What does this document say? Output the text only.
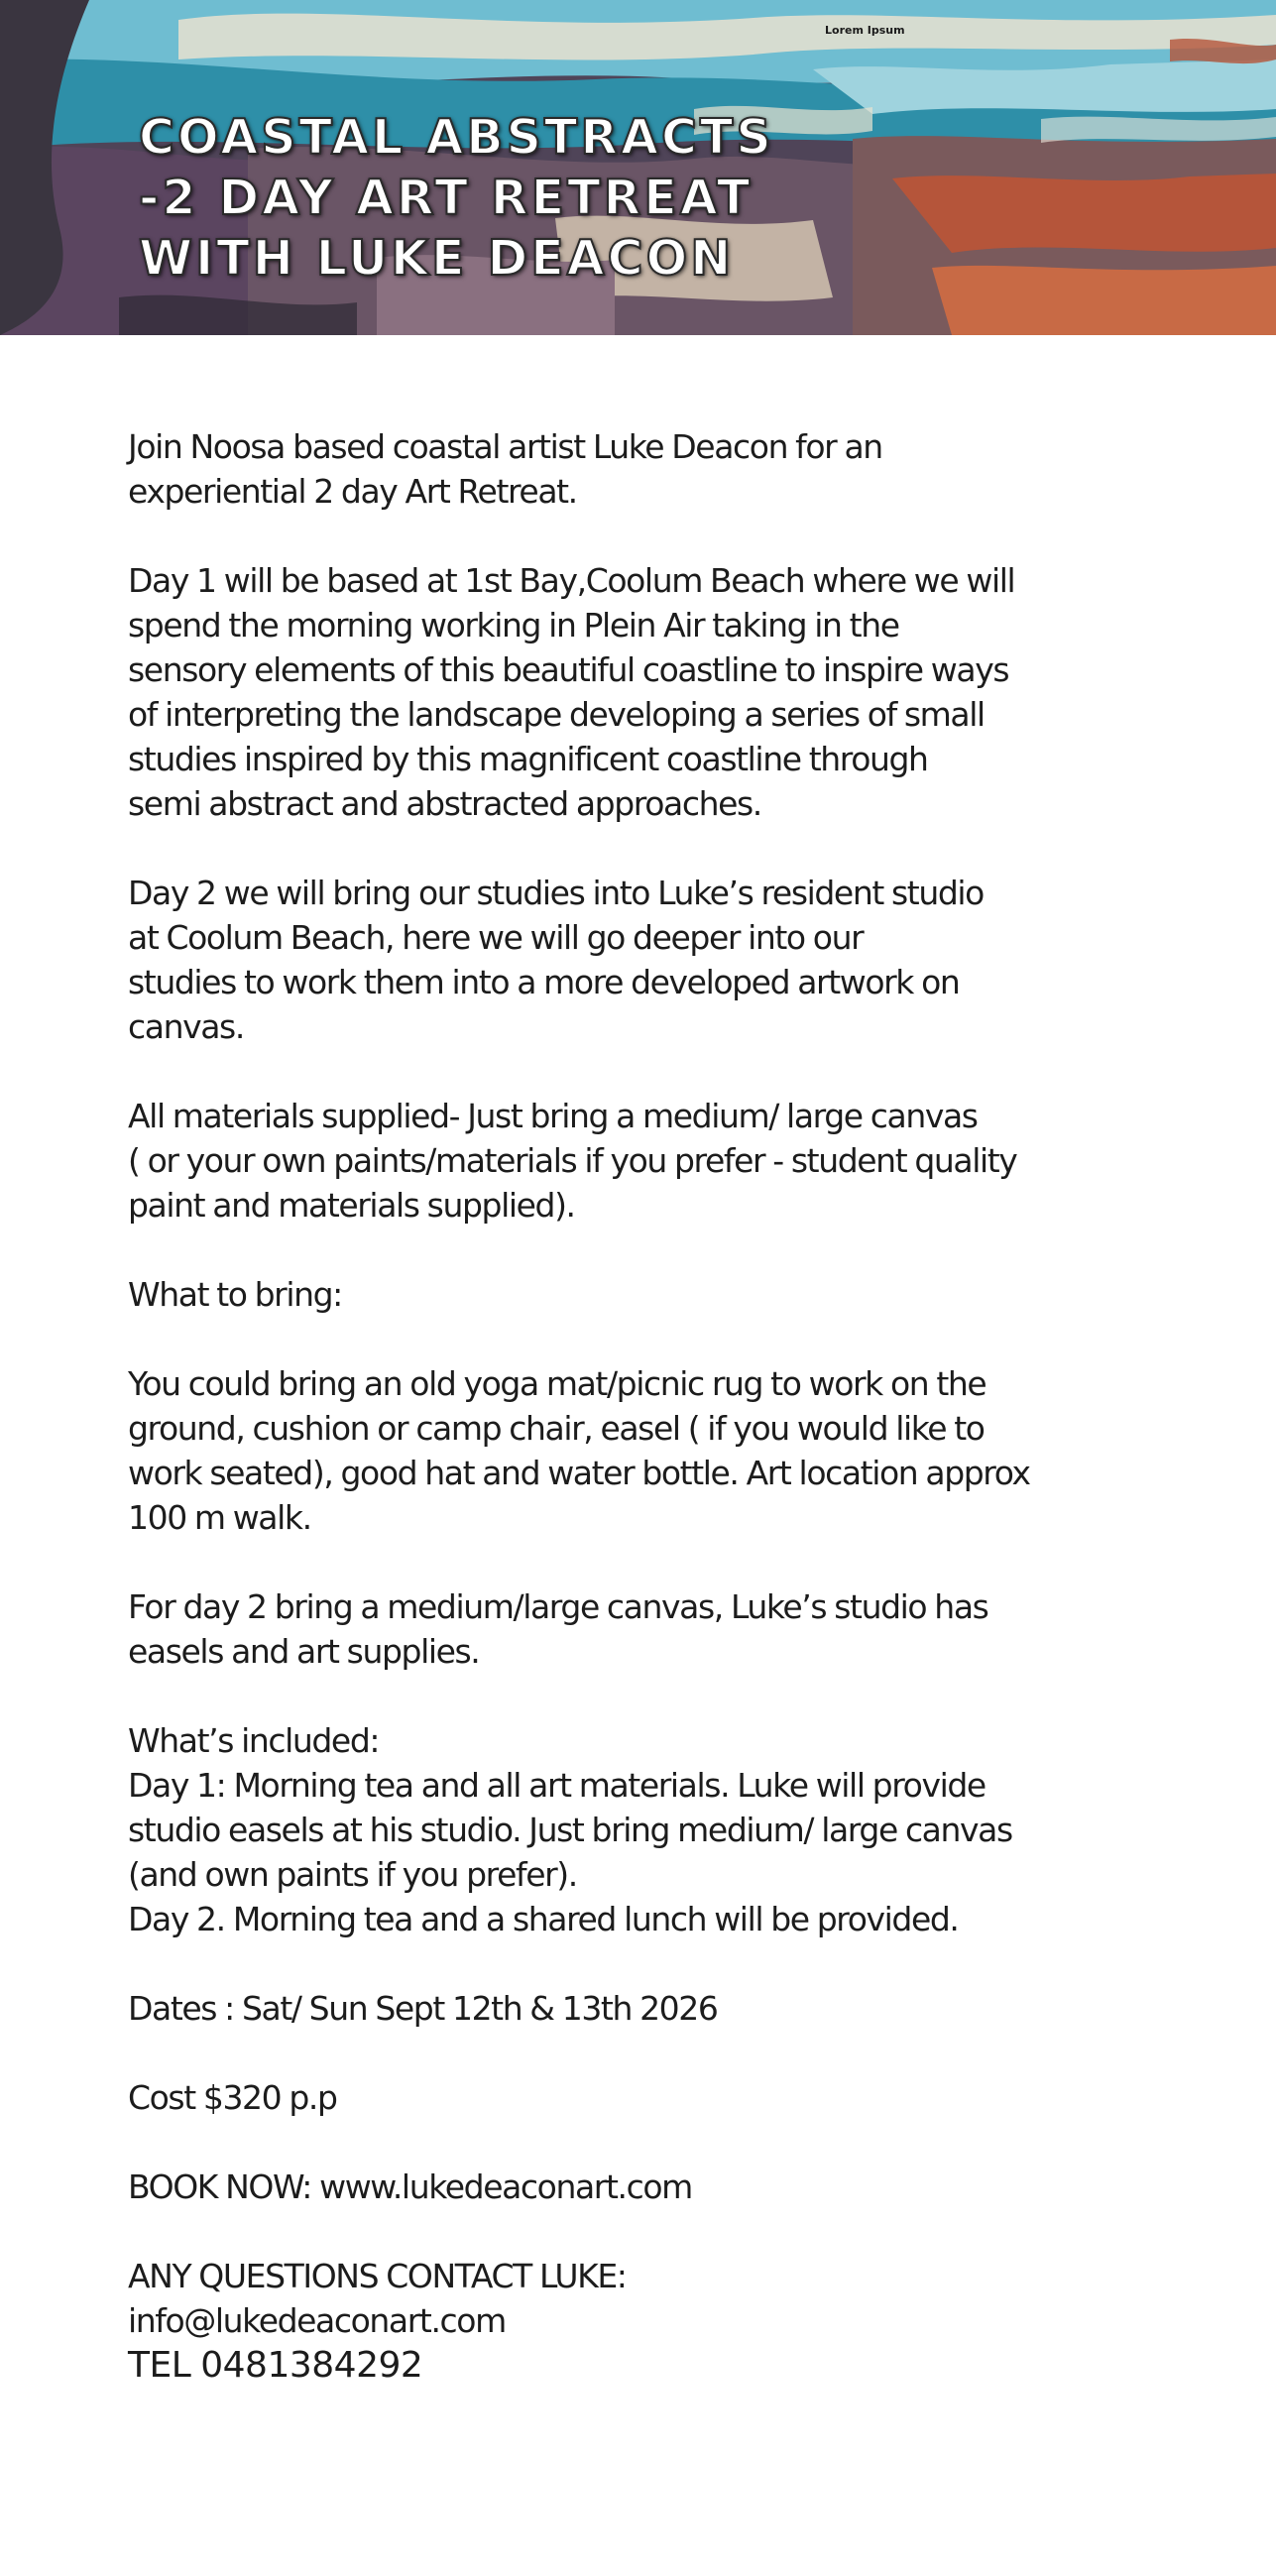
Lorem Ipsum
COASTAL ABSTRACTS
-2 DAY ART RETREAT
WITH LUKE DEACON

Join Noosa based coastal artist Luke Deacon for an
experiential 2 day Art Retreat.

Day 1 will be based at 1st Bay,Coolum Beach where we will
spend the morning working in Plein Air taking in the
sensory elements of this beautiful coastline to inspire ways
of interpreting the landscape developing a series of small
studies inspired by this magnificent coastline through
semi abstract and abstracted approaches.

Day 2 we will bring our studies into Luke’s resident studio
at Coolum Beach, here we will go deeper into our
studies to work them into a more developed artwork on
canvas.

All materials supplied- Just bring a medium/ large canvas
( or your own paints/materials if you prefer - student quality
paint and materials supplied).

What to bring:

You could bring an old yoga mat/picnic rug to work on the
ground, cushion or camp chair, easel ( if you would like to
work seated), good hat and water bottle. Art location approx
100 m walk.

For day 2 bring a medium/large canvas, Luke’s studio has
easels and art supplies.

What’s included:

Day 1: Morning tea and all art materials. Luke will provide
studio easels at his studio. Just bring medium/ large canvas
(and own paints if you prefer).
Day 2. Morning tea and a shared lunch will be provided.

Dates : Sat/ Sun Sept 12th & 13th 2026

Cost $320 p.p

BOOK NOW: www.lukedeaconart.com

ANY QUESTIONS CONTACT LUKE:

info@lukedeaconart.com

TEL 0481384292
